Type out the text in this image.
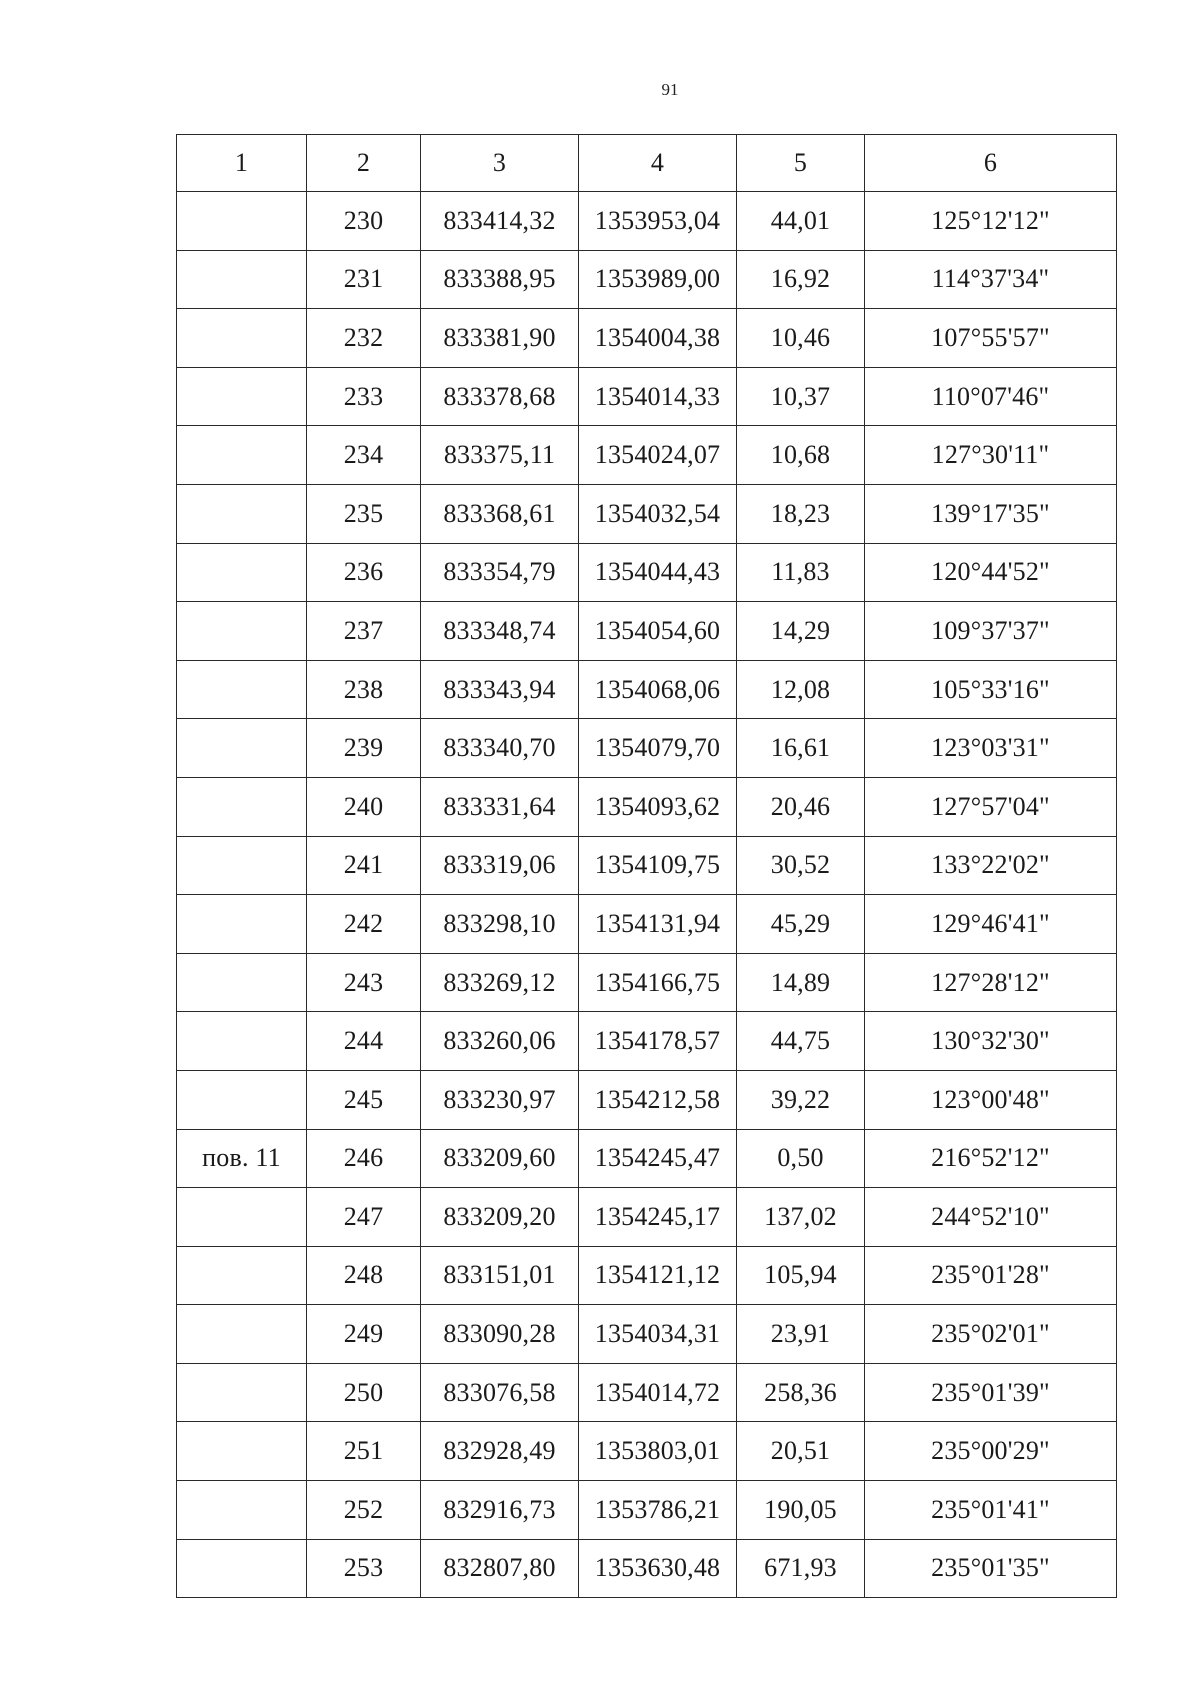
91
1	2	3	4	5	6
	230	833414,32	1353953,04	44,01	125°12'12"
	231	833388,95	1353989,00	16,92	114°37'34"
	232	833381,90	1354004,38	10,46	107°55'57"
	233	833378,68	1354014,33	10,37	110°07'46"
	234	833375,11	1354024,07	10,68	127°30'11"
	235	833368,61	1354032,54	18,23	139°17'35"
	236	833354,79	1354044,43	11,83	120°44'52"
	237	833348,74	1354054,60	14,29	109°37'37"
	238	833343,94	1354068,06	12,08	105°33'16"
	239	833340,70	1354079,70	16,61	123°03'31"
	240	833331,64	1354093,62	20,46	127°57'04"
	241	833319,06	1354109,75	30,52	133°22'02"
	242	833298,10	1354131,94	45,29	129°46'41"
	243	833269,12	1354166,75	14,89	127°28'12"
	244	833260,06	1354178,57	44,75	130°32'30"
	245	833230,97	1354212,58	39,22	123°00'48"
пов. 11	246	833209,60	1354245,47	0,50	216°52'12"
	247	833209,20	1354245,17	137,02	244°52'10"
	248	833151,01	1354121,12	105,94	235°01'28"
	249	833090,28	1354034,31	23,91	235°02'01"
	250	833076,58	1354014,72	258,36	235°01'39"
	251	832928,49	1353803,01	20,51	235°00'29"
	252	832916,73	1353786,21	190,05	235°01'41"
	253	832807,80	1353630,48	671,93	235°01'35"
